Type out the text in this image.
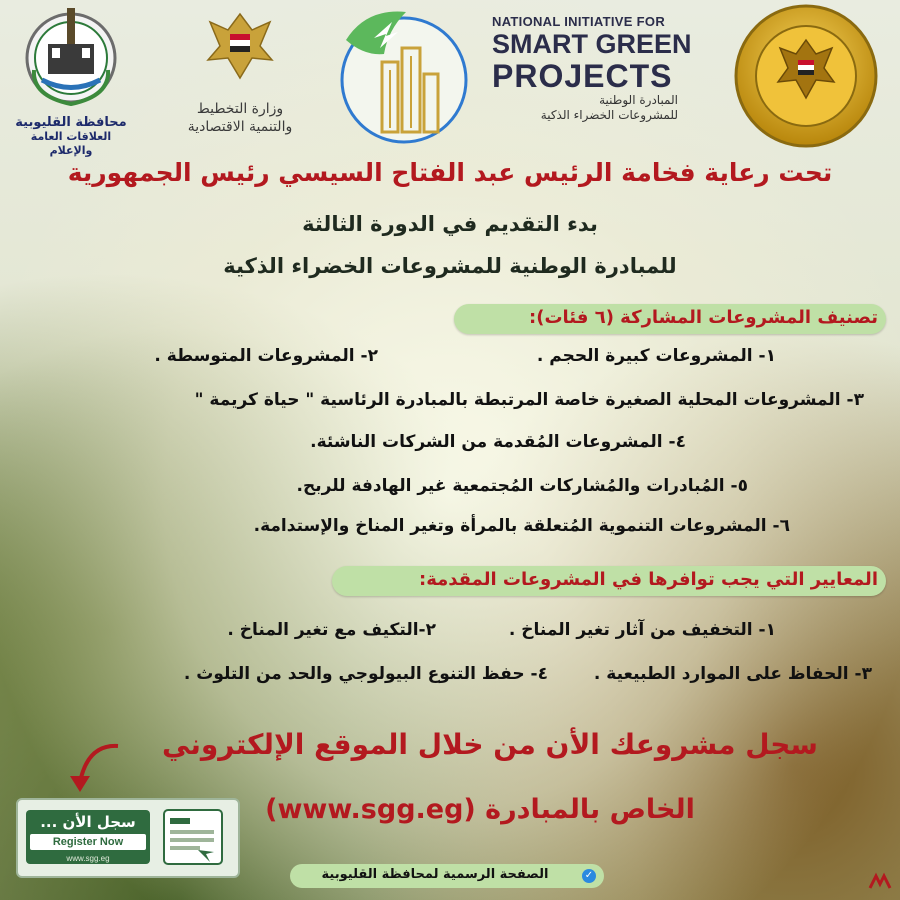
محافظة القليوبية
العلاقات العامة والإعلام
وزارة التخطيط
والتنمية الاقتصادية
NATIONAL INITIATIVE FOR
SMART GREEN
PROJECTS
المبادرة الوطنية
للمشروعات الخضراء الذكية
تحت رعاية فخامة الرئيس عبد الفتاح السيسي رئيس الجمهورية
بدء التقديم في الدورة الثالثة
للمبادرة الوطنية للمشروعات الخضراء الذكية
تصنيف المشروعات المشاركة (٦ فئات):
١- المشروعات كبيرة الحجم .
٢- المشروعات المتوسطة .
٣- المشروعات المحلية الصغيرة خاصة المرتبطة بالمبادرة الرئاسية " حياة كريمة "
٤- المشروعات المُقدمة من الشركات الناشئة.
٥- المُبادرات والمُشاركات المُجتمعية غير الهادفة للربح.
٦- المشروعات التنموية المُتعلقة بالمرأة وتغير المناخ والإستدامة.
المعايير التي يجب توافرها في المشروعات المقدمة:
١- التخفيف من آثار تغير المناخ .
٢-التكيف مع تغير المناخ .
٣- الحفاظ على الموارد الطبيعية .
٤- حفظ التنوع البيولوجي والحد من التلوث .
سجل مشروعك الأن من خلال الموقع الإلكتروني
الخاص بالمبادرة (www.sgg.eg)
سجل الأن ...
Register Now
www.sgg.eg
الصفحة الرسمية لمحافظة القليوبية	✓
